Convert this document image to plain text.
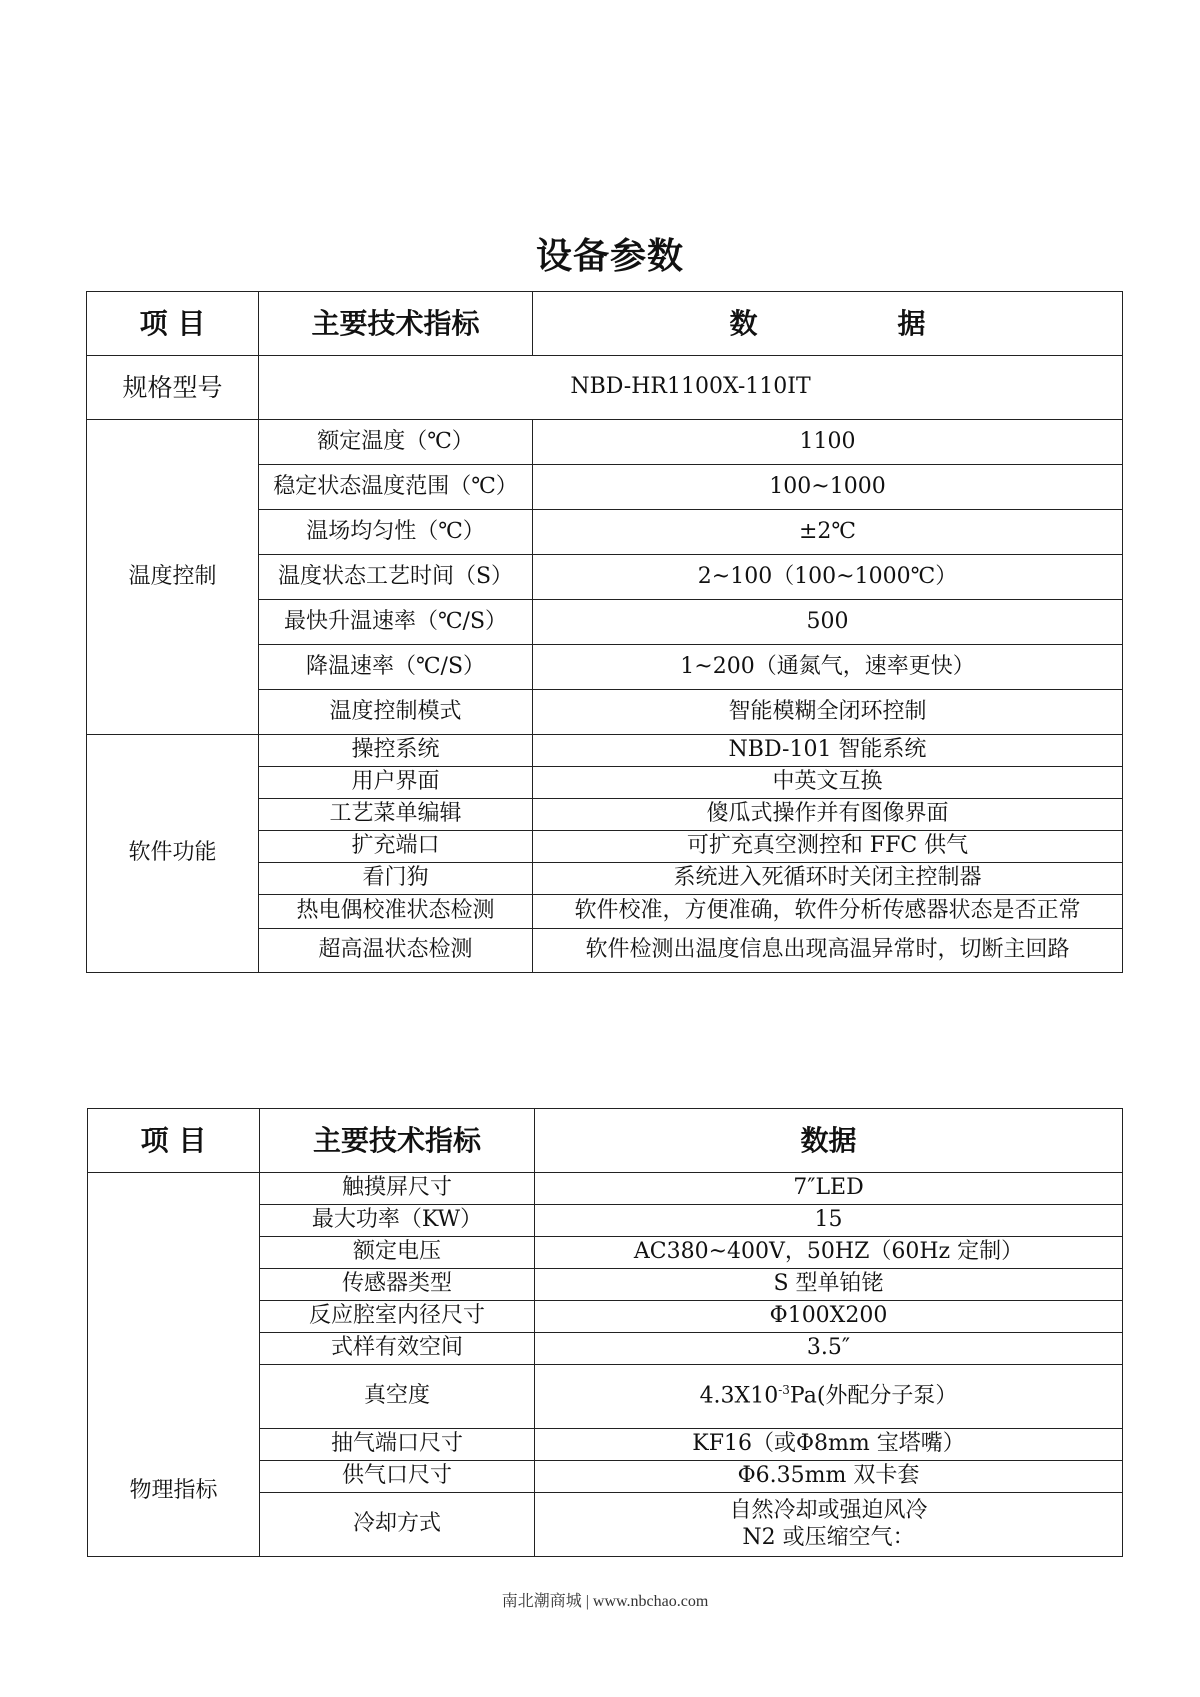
设备参数
项 目	主要技术指标	数 据
规格型号	NBD-HR1100X-110IT	
温度控制	额定温度（℃）	1100
	稳定状态温度范围（℃）	100~1000
	温场均匀性（℃）	±2℃
	温度状态工艺时间（S）	2~100（100~1000℃）
	最快升温速率（℃/S）	500
	降温速率（℃/S）	1~200（通氮气，速率更快）
	温度控制模式	智能模糊全闭环控制
软件功能	操控系统	NBD-101 智能系统
	用户界面	中英文互换
	工艺菜单编辑	傻瓜式操作并有图像界面
	扩充端口	可扩充真空测控和 FFC 供气
	看门狗	系统进入死循环时关闭主控制器
	热电偶校准状态检测	软件校准，方便准确，软件分析传感器状态是否正常
	超高温状态检测	软件检测出温度信息出现高温异常时，切断主回路
项 目	主要技术指标	数据
物理指标	触摸屏尺寸	7″LED
	最大功率（KW）	15
	额定电压	AC380~400V，50HZ（60Hz 定制）
	传感器类型	S 型单铂铑
	反应腔室内径尺寸	Φ100X200
	式样有效空间	3.5″
	真空度	$4.3X10^{-3}Pa$(外配分子泵）
	抽气端口尺寸	KF16（或Φ8mm 宝塔嘴）
	供气口尺寸	Φ6.35mm 双卡套
	冷却方式	自然冷却或强迫风冷
N2 或压缩空气：
南北潮商城 | www.nbchao.com
